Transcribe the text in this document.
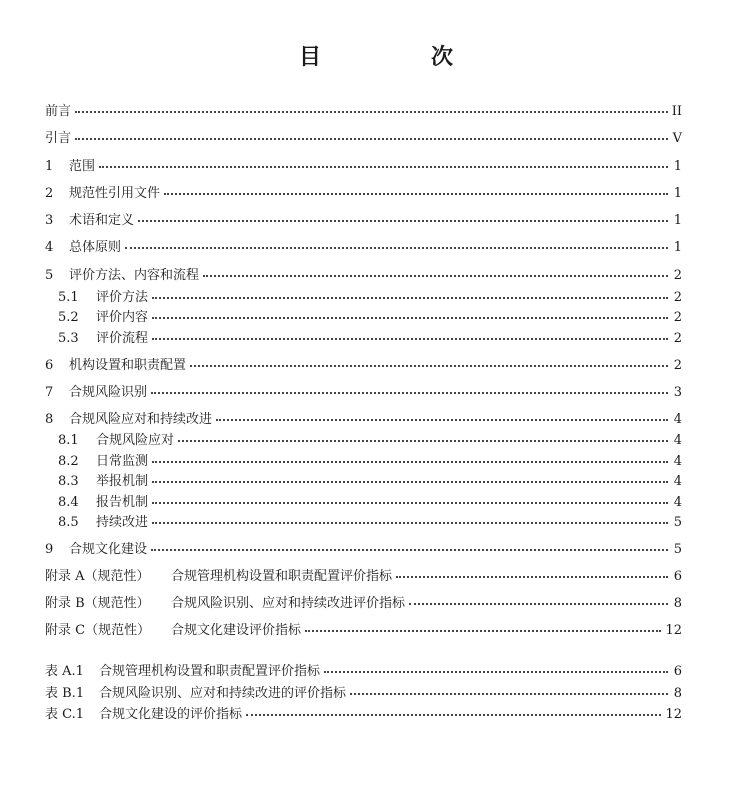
目　次
前言	II
引言	V
1	范围	1
2	规范性引用文件	1
3	术语和定义	1
4	总体原则	1
5	评价方法、内容和流程	2
5.1	评价方法	2
5.2	评价内容	2
5.3	评价流程	2
6	机构设置和职责配置	2
7	合规风险识别	3
8	合规风险应对和持续改进	4
8.1	合规风险应对	4
8.2	日常监测	4
8.3	举报机制	4
8.4	报告机制	4
8.5	持续改进	5
9	合规文化建设	5
附录 A（规范性）	合规管理机构设置和职责配置评价指标	6
附录 B（规范性）	合规风险识别、应对和持续改进评价指标	8
附录 C（规范性）	合规文化建设评价指标	12
表 A.1	合规管理机构设置和职责配置评价指标	6
表 B.1	合规风险识别、应对和持续改进的评价指标	8
表 C.1	合规文化建设的评价指标	12
